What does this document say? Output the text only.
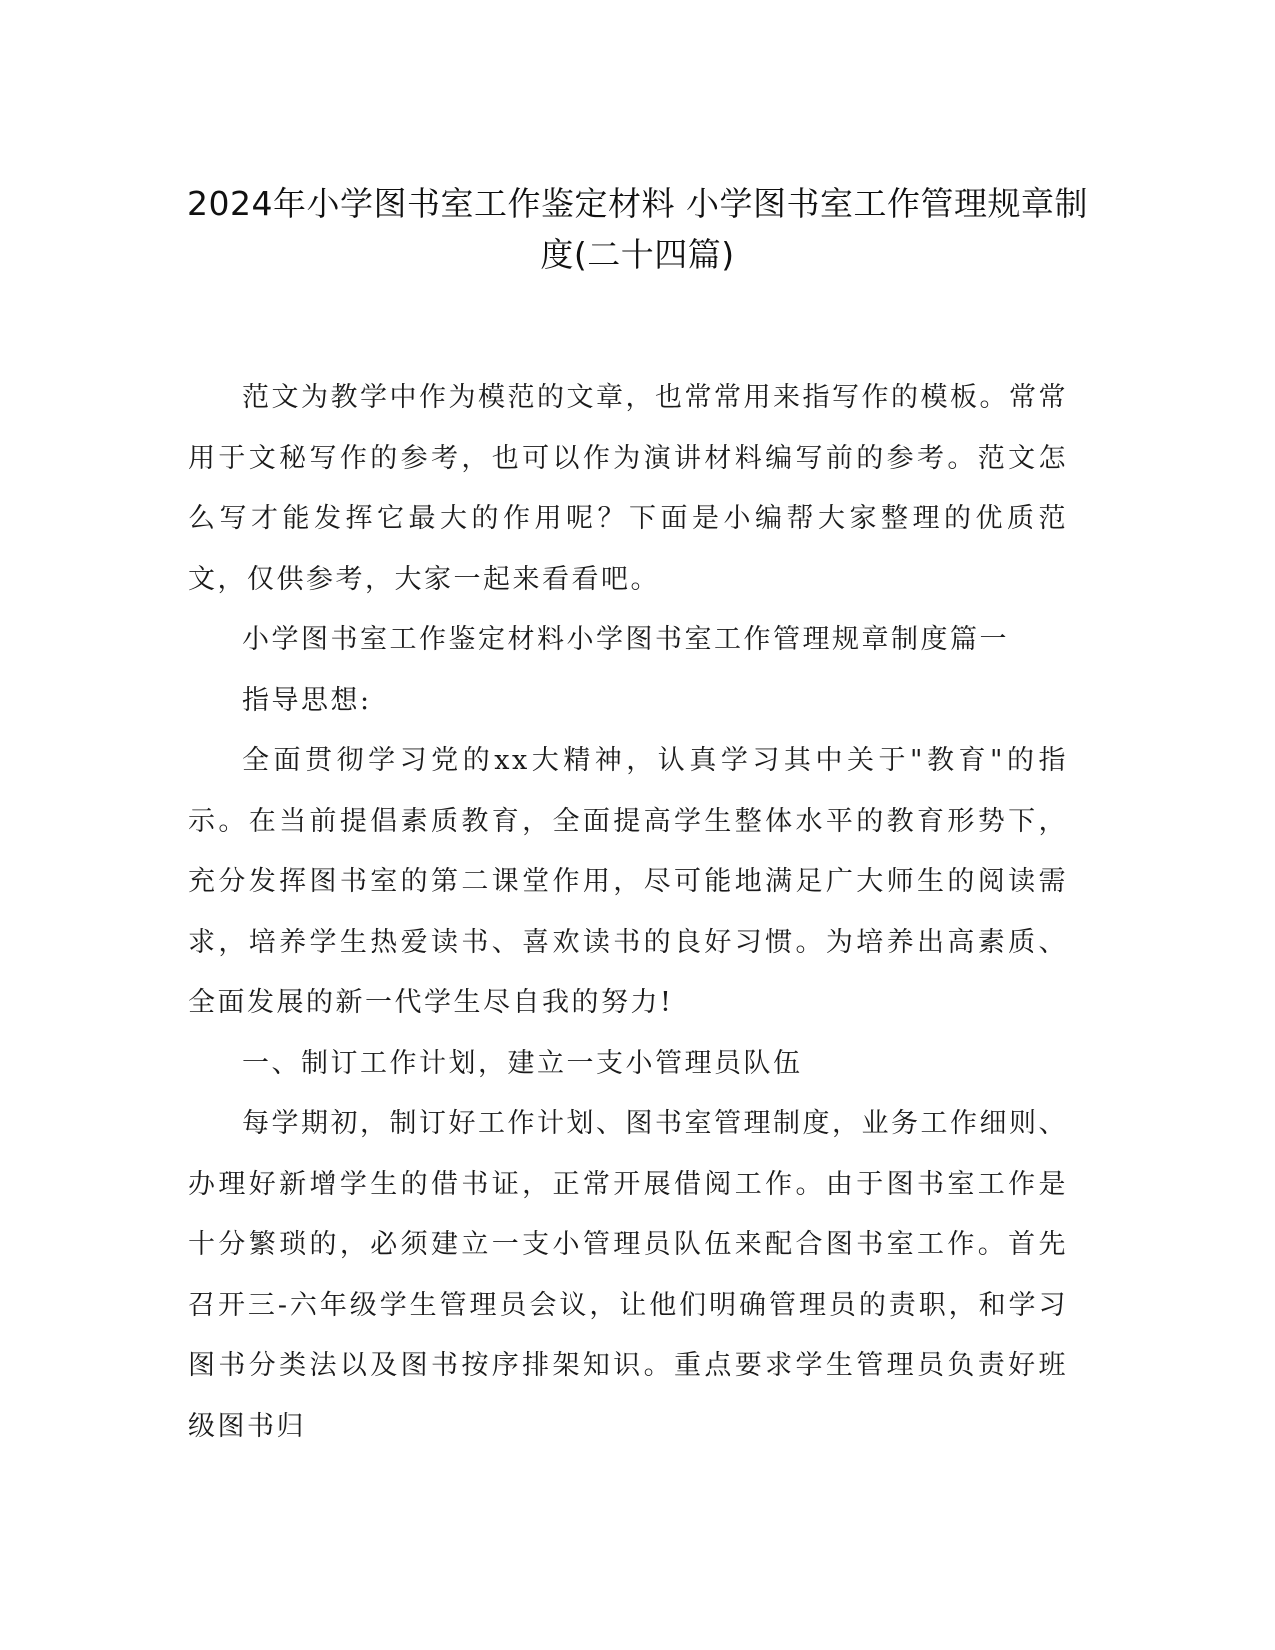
2024年小学图书室工作鉴定材料 小学图书室工作管理规章制
度(二十四篇)

范文为教学中作为模范的文章，也常常用来指写作的模板。常常用于文秘写作的参考，也可以作为演讲材料编写前的参考。范文怎么写才能发挥它最大的作用呢？下面是小编帮大家整理的优质范文，仅供参考，大家一起来看看吧。

小学图书室工作鉴定材料小学图书室工作管理规章制度篇一

指导思想:

全面贯彻学习党的xx大精神，认真学习其中关于"教育"的指示。在当前提倡素质教育，全面提高学生整体水平的教育形势下，充分发挥图书室的第二课堂作用，尽可能地满足广大师生的阅读需求，培养学生热爱读书、喜欢读书的良好习惯。为培养出高素质、全面发展的新一代学生尽自我的努力!

一、制订工作计划，建立一支小管理员队伍

每学期初，制订好工作计划、图书室管理制度，业务工作细则、办理好新增学生的借书证，正常开展借阅工作。由于图书室工作是十分繁琐的，必须建立一支小管理员队伍来配合图书室工作。首先召开三-六年级学生管理员会议，让他们明确管理员的责职，和学习图书分类法以及图书按序排架知识。重点要求学生管理员负责好班级图书归
